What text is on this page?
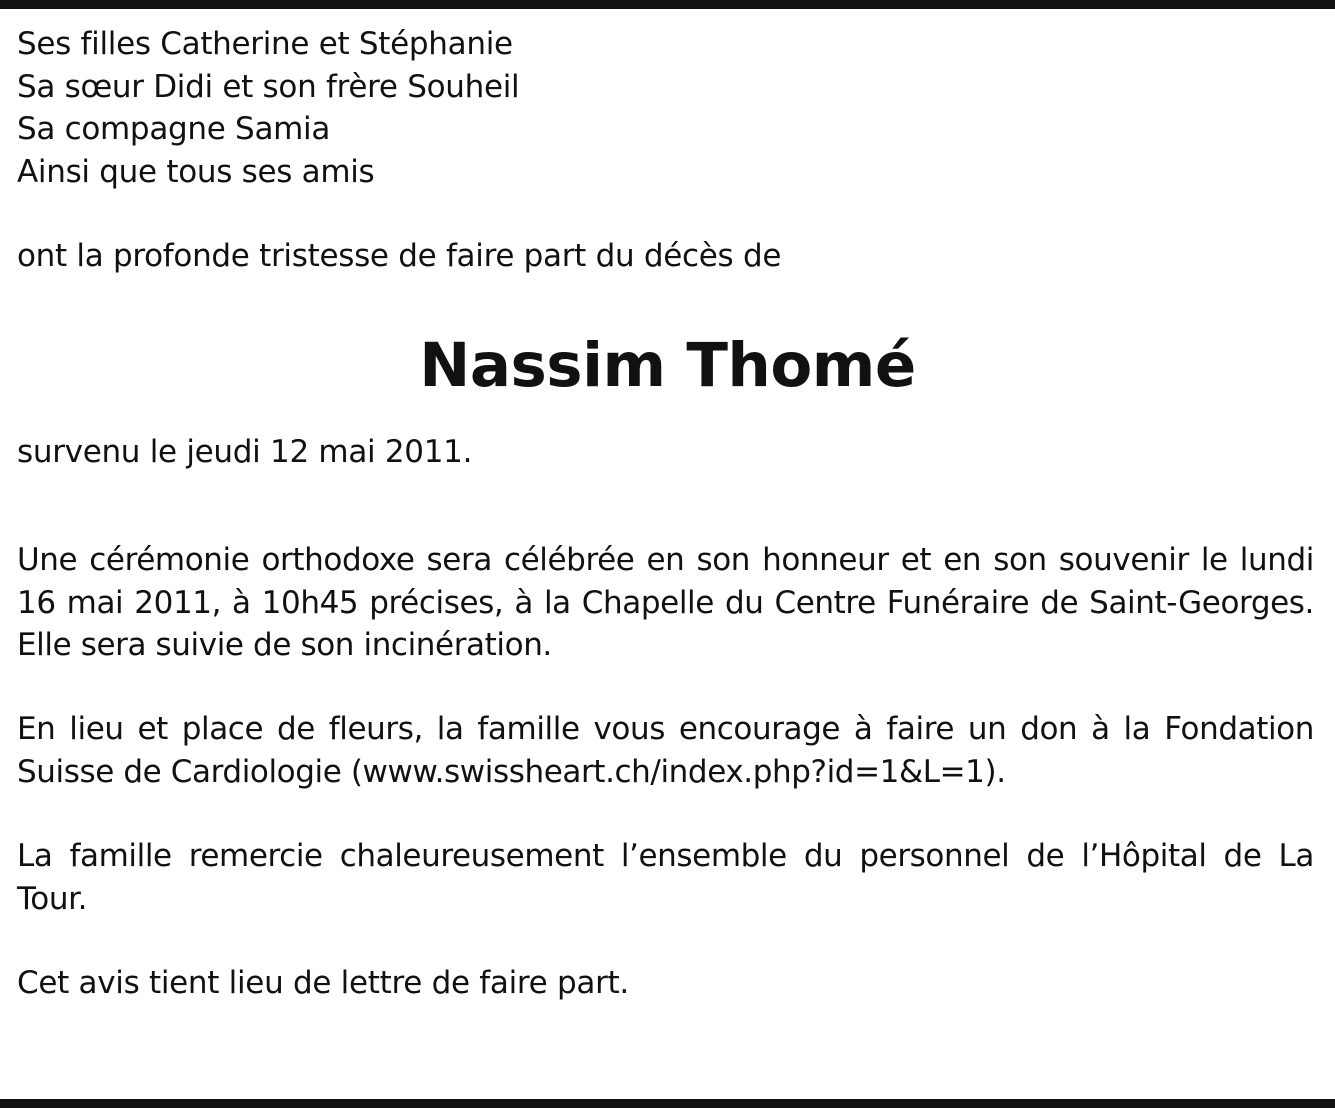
Ses filles Catherine et Stéphanie

Sa sœur Didi et son frère Souheil

Sa compagne Samia

Ainsi que tous ses amis

ont la profonde tristesse de faire part du décès de
Nassim Thomé
survenu le jeudi 12 mai 2011.
Une cérémonie orthodoxe sera célébrée en son honneur et en son souvenir le lundi 16 mai 2011, à 10h45 précises, à la Chapelle du Centre Funéraire de Saint-Georges. Elle sera suivie de son incinération.
En lieu et place de fleurs, la famille vous encourage à faire un don à la Fondation Suisse de Cardiologie (www.swissheart.ch/index.php?id=1&L=1).
La famille remercie chaleureusement l’ensemble du personnel de l’Hôpital de La Tour.
Cet avis tient lieu de lettre de faire part.
